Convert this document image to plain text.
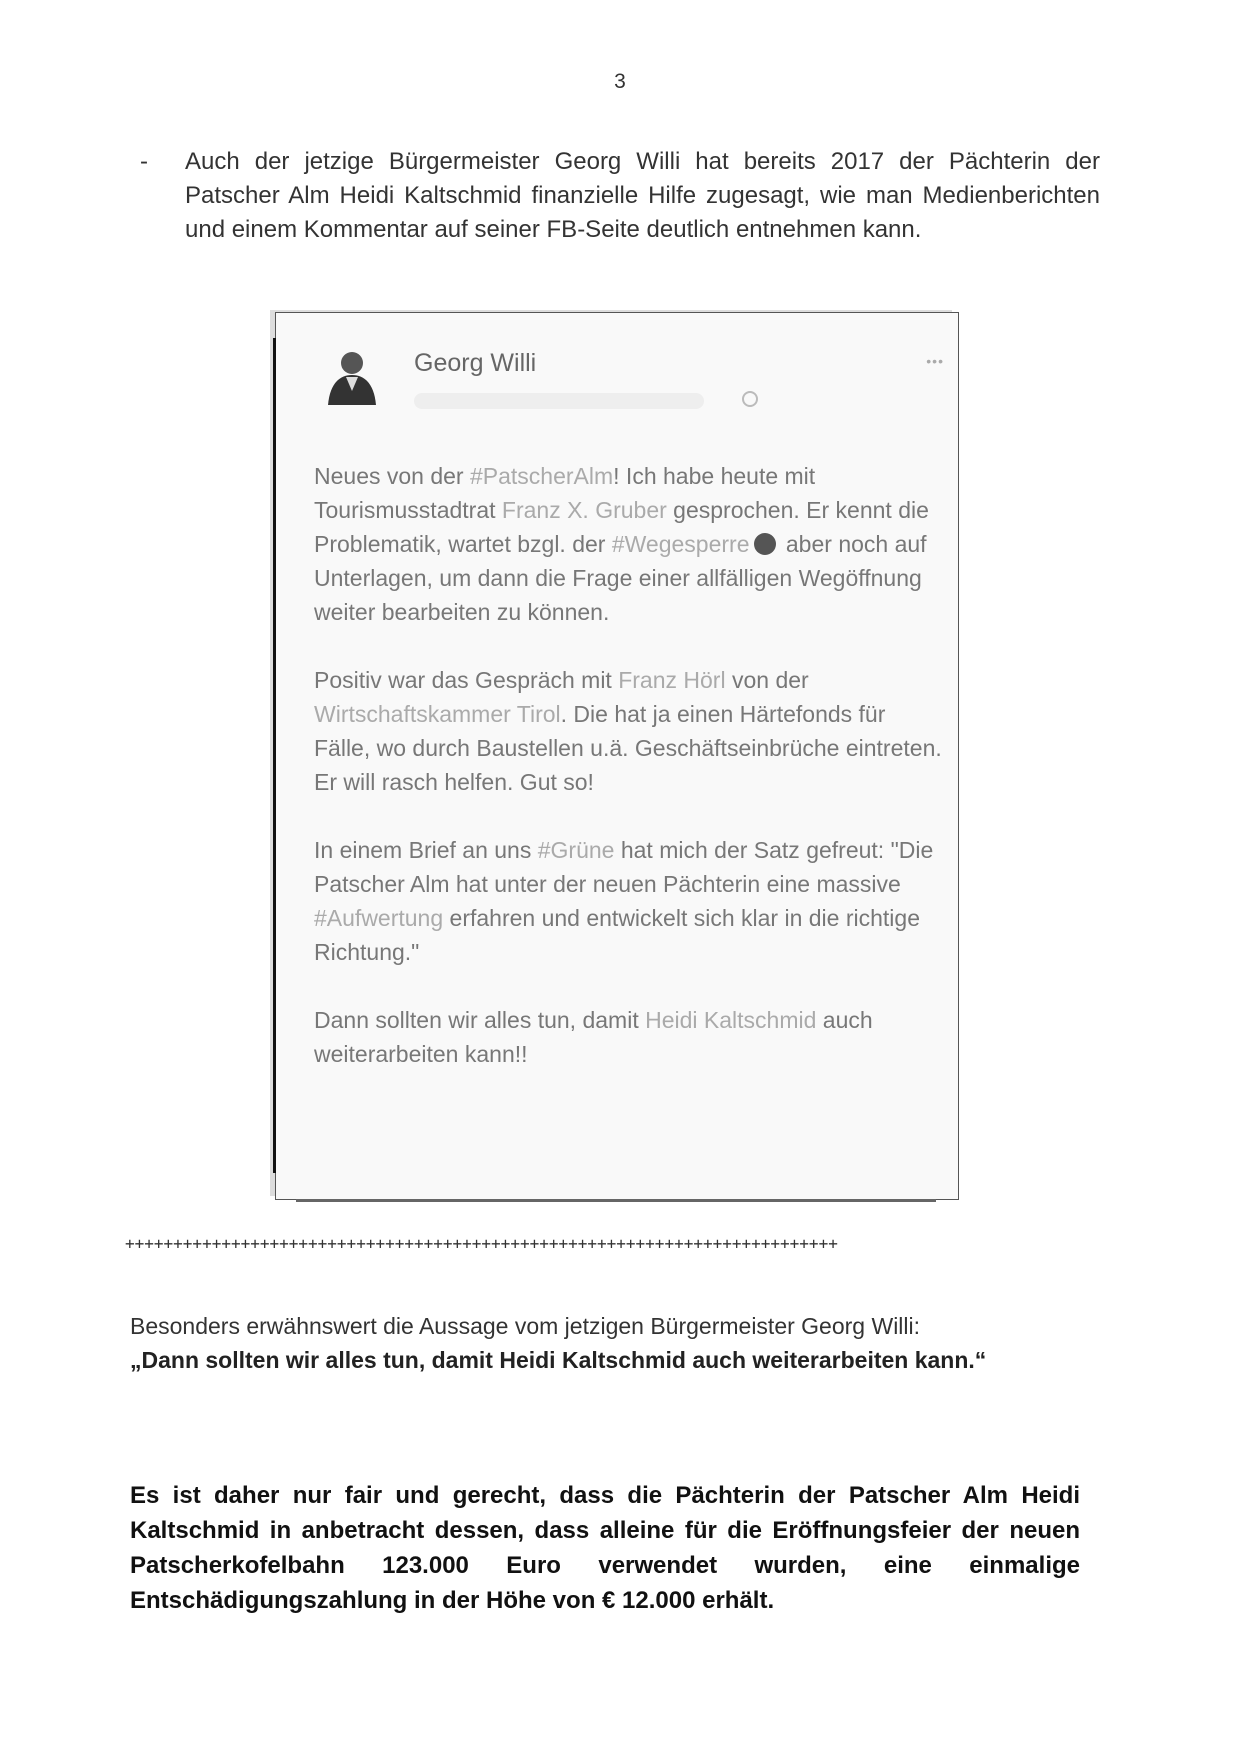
3
- Auch der jetzige Bürgermeister Georg Willi hat bereits 2017 der Pächterin der Patscher Alm Heidi Kaltschmid finanzielle Hilfe zugesagt, wie man Medienberichten und einem Kommentar auf seiner FB-Seite deutlich entnehmen kann.
Georg Willi	•••

Neues von der #PatscherAlm! Ich habe heute mit Tourismusstadtrat Franz X. Gruber gesprochen. Er kennt die Problematik, wartet bzgl. der #Wegesperre aber noch auf Unterlagen, um dann die Frage einer allfälligen Wegöffnung weiter bearbeiten zu können.

Positiv war das Gespräch mit Franz Hörl von der Wirtschaftskammer Tirol. Die hat ja einen Härtefonds für Fälle, wo durch Baustellen u.ä. Geschäftseinbrüche eintreten. Er will rasch helfen. Gut so!

In einem Brief an uns #Grüne hat mich der Satz gefreut: "Die Patscher Alm hat unter der neuen Pächterin eine massive #Aufwertung erfahren und entwickelt sich klar in die richtige Richtung."

Dann sollten wir alles tun, damit Heidi Kaltschmid auch weiterarbeiten kann!!

++++++++++++++++++++++++++++++++++++++++++++++++++++++++++++++++++++++++++
Besonders erwähnswert die Aussage vom jetzigen Bürgermeister Georg Willi:
„Dann sollten wir alles tun, damit Heidi Kaltschmid auch weiterarbeiten kann.“

Es ist daher nur fair und gerecht, dass die Pächterin der Patscher Alm Heidi Kaltschmid in anbetracht dessen, dass alleine für die Eröffnungsfeier der neuen Patscherkofelbahn 123.000 Euro verwendet wurden, eine einmalige Entschädigungszahlung in der Höhe von € 12.000 erhält.
